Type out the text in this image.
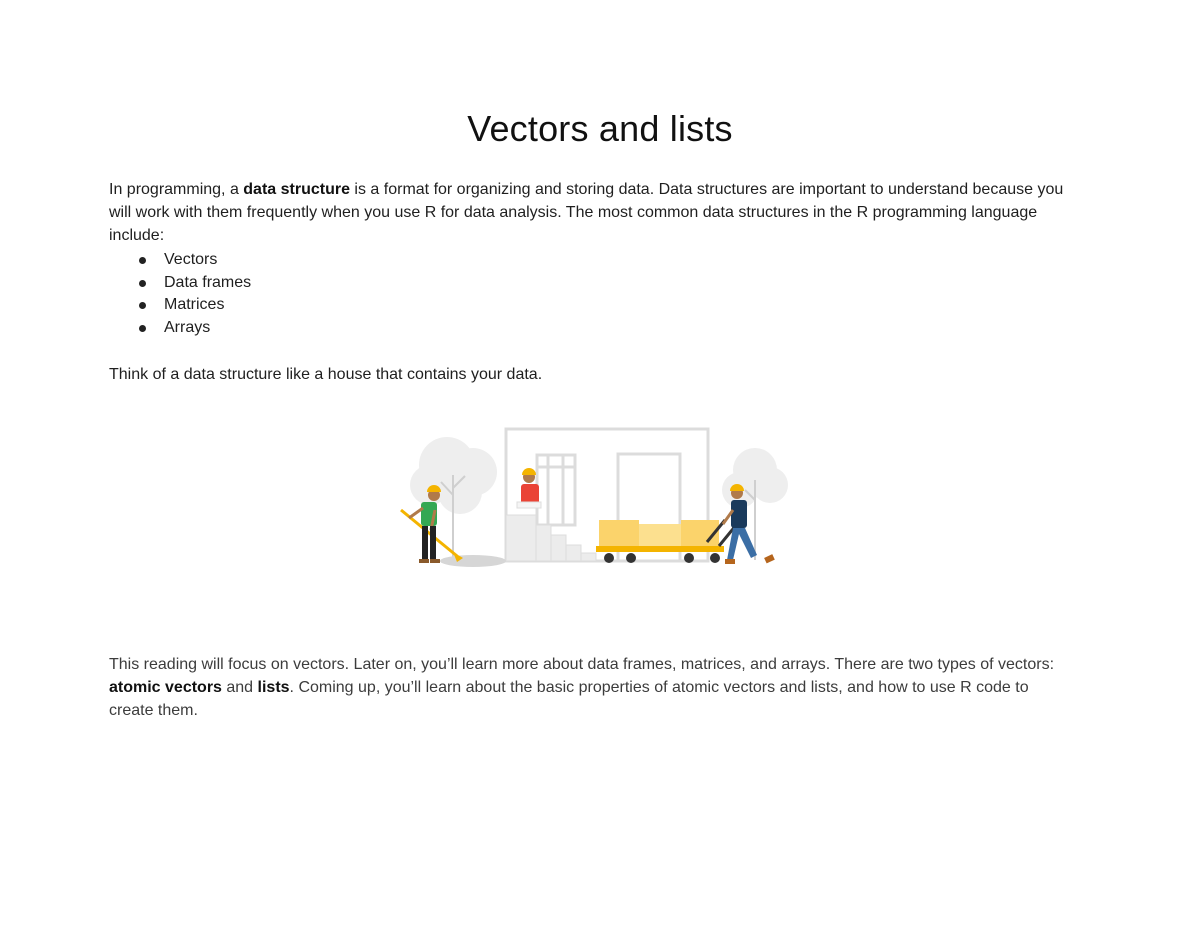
Vectors and lists

In programming, a data structure is a format for organizing and storing data. Data structures are important to understand because you will work with them frequently when you use R for data analysis. The most common data structures in the R programming language include:

Vectors
Data frames
Matrices
Arrays

Think of a data structure like a house that contains your data.

This reading will focus on vectors. Later on, you’ll learn more about data frames, matrices, and arrays. There are two types of vectors: atomic vectors and lists. Coming up, you’ll learn about the basic properties of atomic vectors and lists, and how to use R code to create them.
